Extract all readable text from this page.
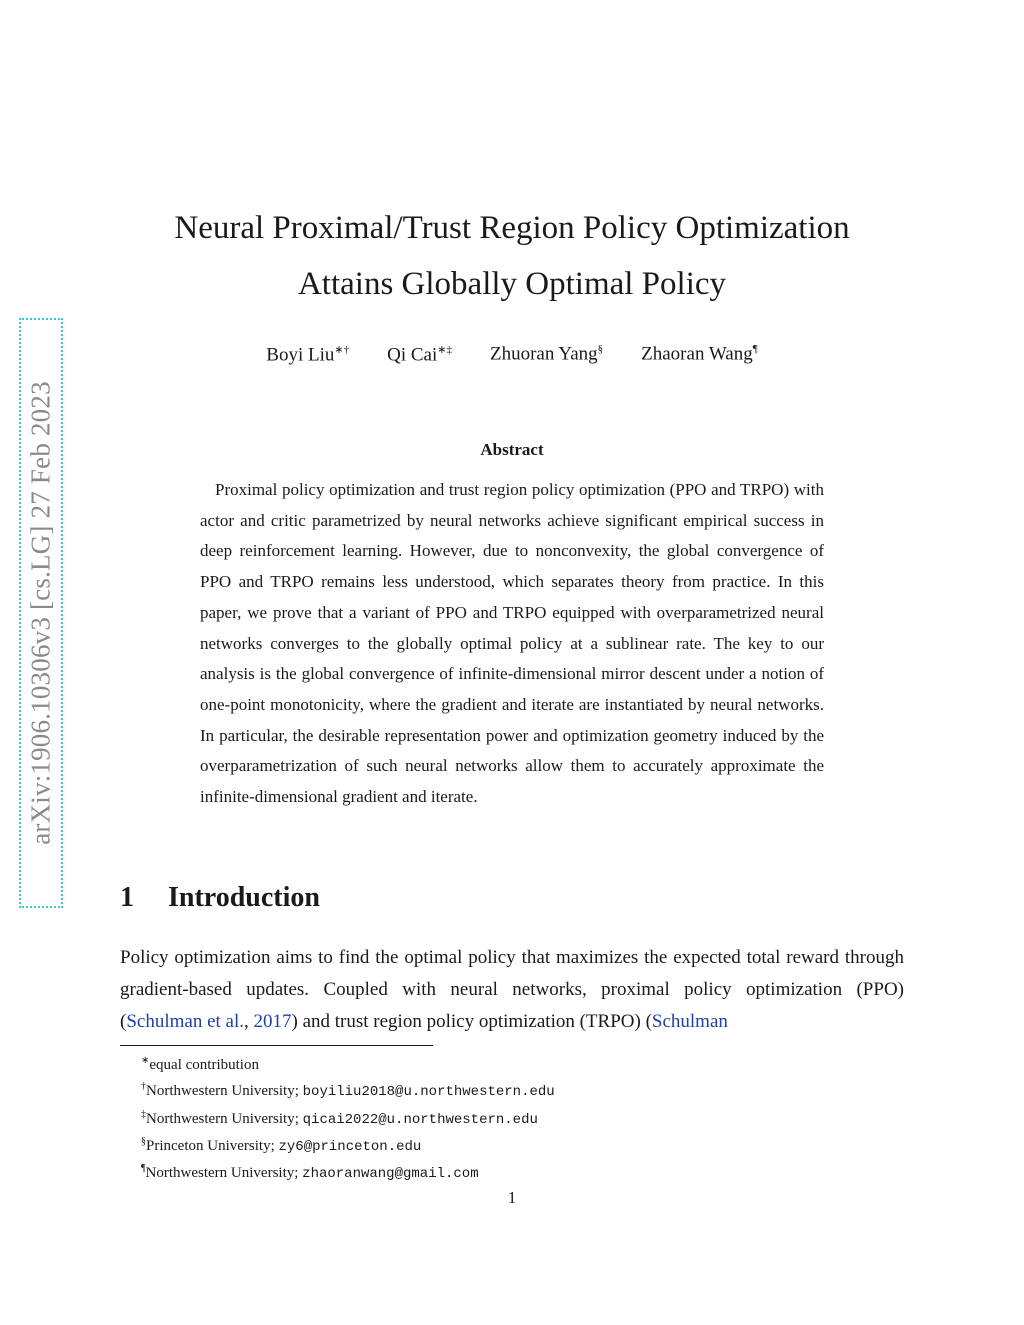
arXiv:1906.10306v3 [cs.LG] 27 Feb 2023
Neural Proximal/Trust Region Policy Optimization
Attains Globally Optimal Policy
Boyi Liu∗† Qi Cai∗‡ Zhuoran Yang§ Zhaoran Wang¶
Abstract

Proximal policy optimization and trust region policy optimization (PPO and TRPO) with actor and critic parametrized by neural networks achieve significant empirical success in deep reinforcement learning. However, due to nonconvexity, the global convergence of PPO and TRPO remains less understood, which separates theory from practice. In this paper, we prove that a variant of PPO and TRPO equipped with overparametrized neural networks converges to the globally optimal policy at a sublinear rate. The key to our analysis is the global convergence of infinite-dimensional mirror descent under a notion of one-point monotonicity, where the gradient and iterate are instantiated by neural networks. In particular, the desirable representation power and optimization geometry induced by the overparametrization of such neural networks allow them to accurately approximate the infinite-dimensional gradient and iterate.

1 Introduction

Policy optimization aims to find the optimal policy that maximizes the expected total reward through gradient-based updates. Coupled with neural networks, proximal policy optimization (PPO) (Schulman et al., 2017) and trust region policy optimization (TRPO) (Schulman

∗equal contribution
†Northwestern University; boyiliu2018@u.northwestern.edu
‡Northwestern University; qicai2022@u.northwestern.edu
§Princeton University; zy6@princeton.edu
¶Northwestern University; zhaoranwang@gmail.com
1
